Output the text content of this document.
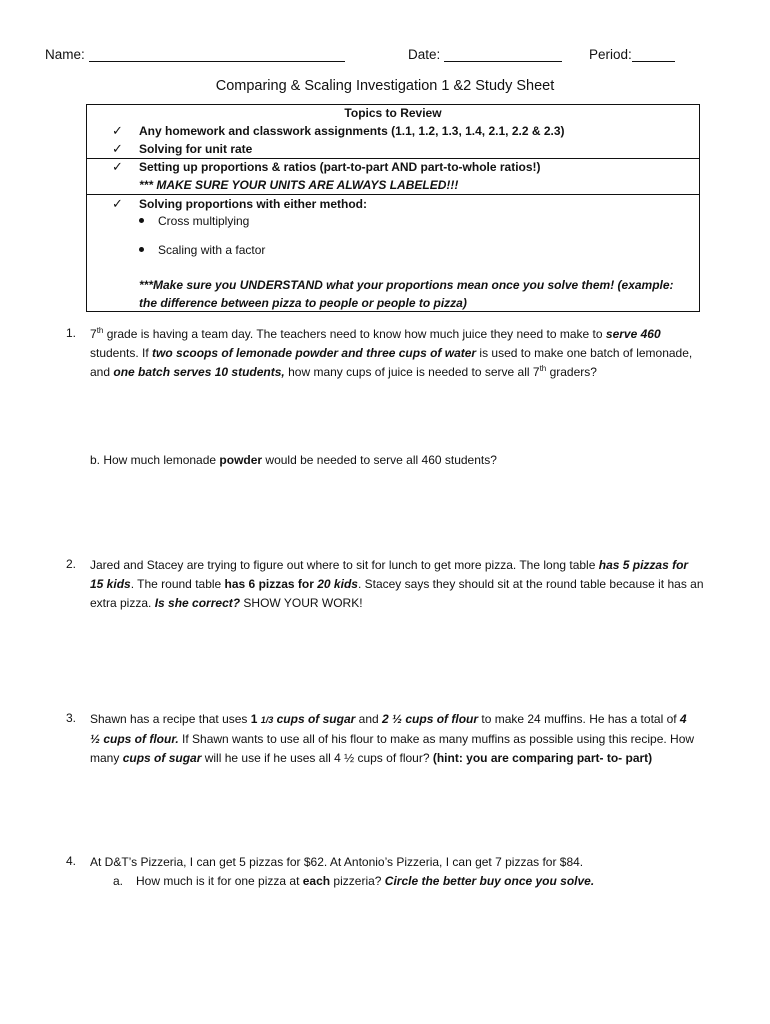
Name:	Date:	Period:
Comparing & Scaling Investigation 1 &2 Study Sheet
Topics to Review
✓ Any homework and classwork assignments (1.1, 1.2, 1.3, 1.4, 2.1, 2.2 & 2.3)
✓ Solving for unit rate
✓ Setting up proportions & ratios (part-to-part AND part-to-whole ratios!)
*** MAKE SURE YOUR UNITS ARE ALWAYS LABELED!!!
✓ Solving proportions with either method:
Cross multiplying
Scaling with a factor
***Make sure you UNDERSTAND what your proportions mean once you solve them! (example:
the difference between pizza to people or people to pizza)
1. 7th grade is having a team day. The teachers need to know how much juice they need to make to serve 460
students. If two scoops of lemonade powder and three cups of water is used to make one batch of lemonade,
and one batch serves 10 students, how many cups of juice is needed to serve all 7th graders?
b. How much lemonade powder would be needed to serve all 460 students?
2. Jared and Stacey are trying to figure out where to sit for lunch to get more pizza. The long table has 5 pizzas for
15 kids. The round table has 6 pizzas for 20 kids. Stacey says they should sit at the round table because it has an
extra pizza. Is she correct? SHOW YOUR WORK!
3. Shawn has a recipe that uses 1 1/3 cups of sugar and 2 ½ cups of flour to make 24 muffins. He has a total of 4
½ cups of flour. If Shawn wants to use all of his flour to make as many muffins as possible using this recipe. How
many cups of sugar will he use if he uses all 4 ½ cups of flour? (hint: you are comparing part- to- part)
4. At D&T’s Pizzeria, I can get 5 pizzas for $62. At Antonio’s Pizzeria, I can get 7 pizzas for $84.
a. How much is it for one pizza at each pizzeria? Circle the better buy once you solve.
